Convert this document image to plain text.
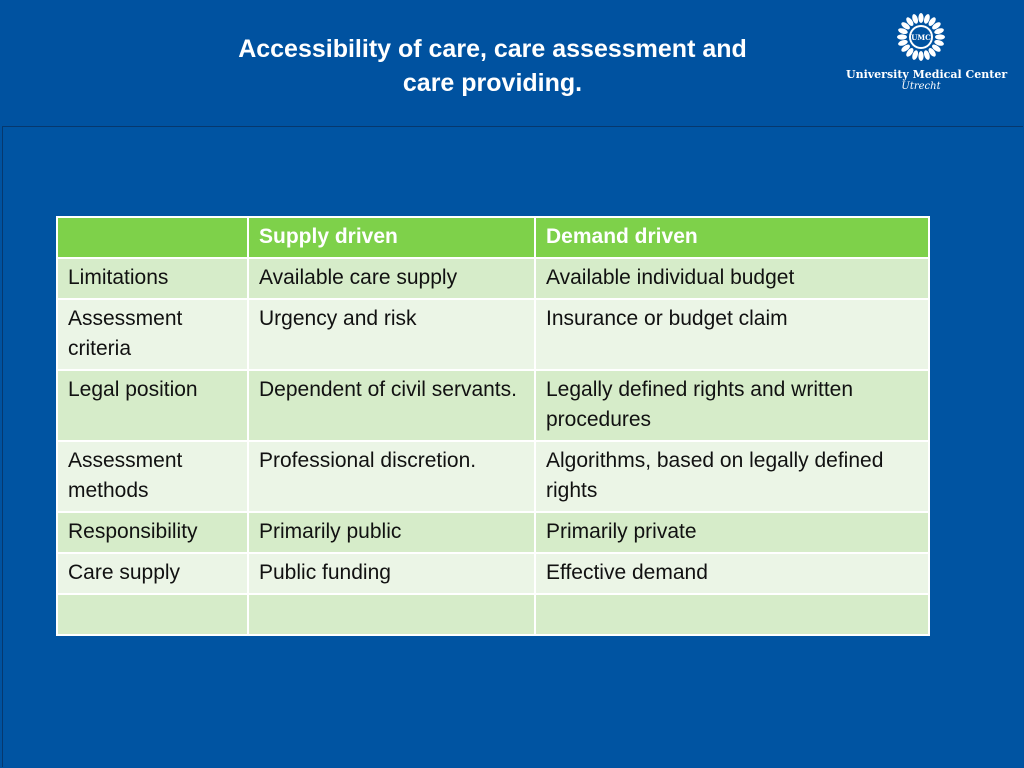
Accessibility of care, care assessment and
care providing.
UMC
University Medical Center
Utrecht
	Supply driven	Demand driven
Limitations	Available care supply	Available individual budget
Assessment criteria	Urgency and risk	Insurance or budget claim
Legal position	Dependent of civil servants.	Legally defined rights and written procedures
Assessment methods	Professional discretion.	Algorithms, based on legally defined rights
Responsibility	Primarily public	Primarily private
Care supply	Public funding	Effective demand
